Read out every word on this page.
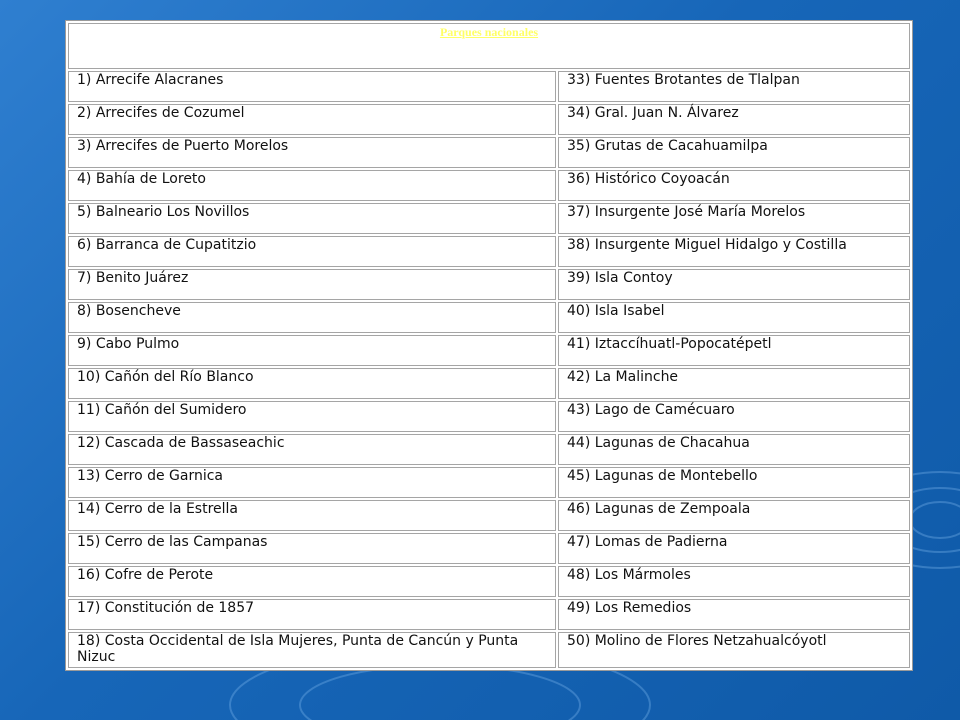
Parques nacionales	

1) Arrecife Alacranes	33) Fuentes Brotantes de Tlalpan

2) Arrecifes de Cozumel	34) Gral. Juan N. Álvarez

3) Arrecifes de Puerto Morelos	35) Grutas de Cacahuamilpa

4) Bahía de Loreto	36) Histórico Coyoacán

5) Balneario Los Novillos	37) Insurgente José María Morelos

6) Barranca de Cupatitzio	38) Insurgente Miguel Hidalgo y Costilla

7) Benito Juárez	39) Isla Contoy

8) Bosencheve	40) Isla Isabel

9) Cabo Pulmo	41) Iztaccíhuatl-Popocatépetl

10) Cañón del Río Blanco	42) La Malinche

11) Cañón del Sumidero	43) Lago de Camécuaro

12) Cascada de Bassaseachic	44) Lagunas de Chacahua

13) Cerro de Garnica	45) Lagunas de Montebello

14) Cerro de la Estrella	46) Lagunas de Zempoala

15) Cerro de las Campanas	47) Lomas de Padierna

16) Cofre de Perote	48) Los Mármoles

17) Constitución de 1857	49) Los Remedios

18) Costa Occidental de Isla Mujeres, Punta de Cancún y Punta Nizuc	50) Molino de Flores Netzahualcóyotl
